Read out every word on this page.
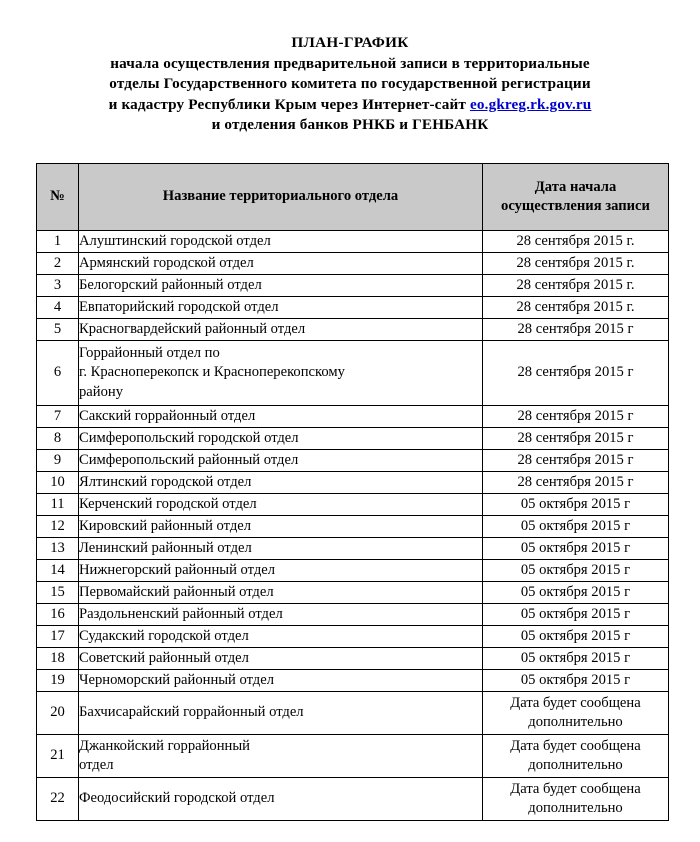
ПЛАН-ГРАФИК
начала осуществления предварительной записи в территориальные
отделы Государственного комитета по государственной регистрации
и кадастру Республики Крым через Интернет-сайт eo.gkreg.rk.gov.ru
и отделения банков РНКБ и ГЕНБАНК
№	Название территориального отдела	Дата начала осуществления записи
1	Алуштинский городской отдел	28 сентября 2015 г.

2	Армянский городской отдел	28 сентября 2015 г.

3	Белогорский районный отдел	28 сентября 2015 г.

4	Евпаторийский городской отдел	28 сентября 2015 г.

5	Красногвардейский районный отдел	28 сентября 2015 г

6	Горрайонный отдел по
г. Красноперекопск и Красноперекопскому
району	28 сентября 2015 г

7	Сакский горрайонный отдел	28 сентября 2015 г

8	Симферопольский городской отдел	28 сентября 2015 г

9	Симферопольский районный отдел	28 сентября 2015 г

10	Ялтинский городской отдел	28 сентября 2015 г

11	Керченский городской отдел	05 октября 2015 г

12	Кировский районный отдел	05 октября 2015 г

13	Ленинский районный отдел	05 октября 2015 г

14	Нижнегорский районный отдел	05 октября 2015 г

15	Первомайский районный отдел	05 октября 2015 г

16	Раздольненский районный отдел	05 октября 2015 г

17	Судакский городской отдел	05 октября 2015 г

18	Советский районный отдел	05 октября 2015 г

19	Черноморский районный отдел	05 октября 2015 г

20	Бахчисарайский горрайонный отдел	Дата будет сообщена
дополнительно

21	Джанкойский горрайонный
отдел	Дата будет сообщена
дополнительно

22	Феодосийский городской отдел	Дата будет сообщена
дополнительно
